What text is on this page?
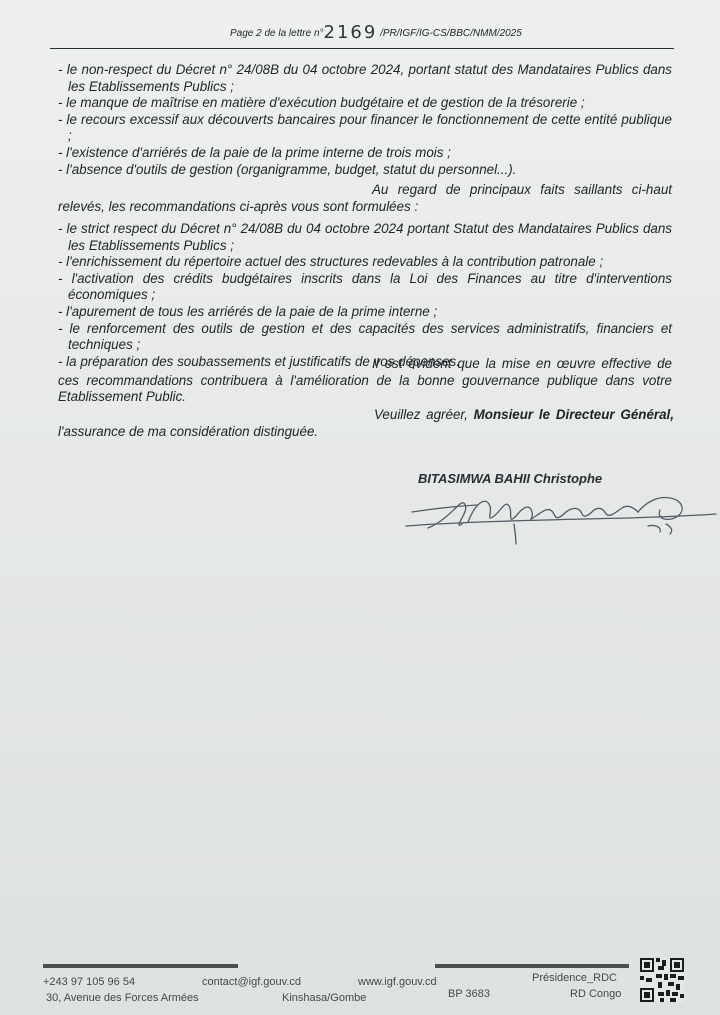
Page 2 de la lettre n°2169 /PR/IGF/IG-CS/BBC/NMM/2025
- le non-respect du Décret n° 24/08B du 04 octobre 2024, portant statut des Mandataires Publics dans les Etablissements Publics ;
- le manque de maîtrise en matière d'exécution budgétaire et de gestion de la trésorerie ;
- le recours excessif aux découverts bancaires pour financer le fonctionnement de cette entité publique ;
- l'existence d'arriérés de la paie de la prime interne de trois mois ;
- l'absence d'outils de gestion (organigramme, budget, statut du personnel...).
Au regard de principaux faits saillants ci-haut relevés, les recommandations ci-après vous sont formulées :
- le strict respect du Décret n° 24/08B du 04 octobre 2024 portant Statut des Mandataires Publics dans les Etablissements Publics ;
- l'enrichissement du répertoire actuel des structures redevables à la contribution patronale ;
- l'activation des crédits budgétaires inscrits dans la Loi des Finances au titre d'interventions économiques ;
- l'apurement de tous les arriérés de la paie de la prime interne ;
- le renforcement des outils de gestion et des capacités des services administratifs, financiers et techniques ;
- la préparation des soubassements et justificatifs de vos dépenses.
Il est évident que la mise en œuvre effective de ces recommandations contribuera à l'amélioration de la bonne gouvernance publique dans votre Etablissement Public.
Veuillez agréer, Monsieur le Directeur Général,
l'assurance de ma considération distinguée.
BITASIMWA BAHII Christophe
+243 97 105 96 54	contact@igf.gouv.cd	www.igf.gouv.cd	Présidence_RDC
30, Avenue des Forces Armées	Kinshasa/Gombe	BP 3683	RD Congo
